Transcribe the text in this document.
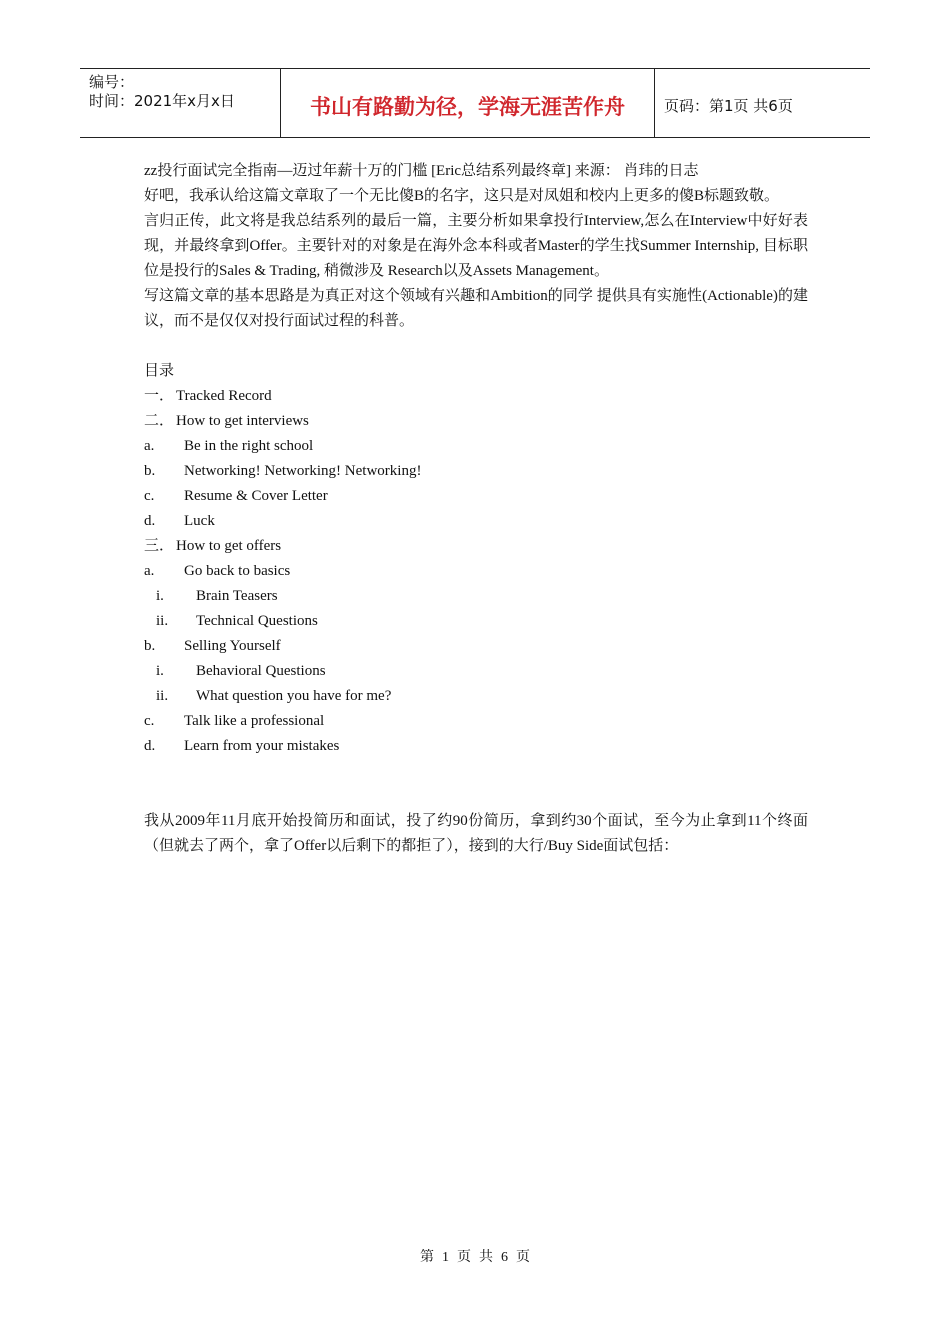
编号：
时间：2021年x月x日	书山有路勤为径，学海无涯苦作舟	页码：第1页 共6页

zz投行面试完全指南—迈过年薪十万的门槛 [Eric总结系列最终章] 来源： 肖玮的日志

好吧，我承认给这篇文章取了一个无比傻B的名字，这只是对凤姐和校内上更多的傻B标题致敬。

言归正传，此文将是我总结系列的最后一篇，主要分析如果拿投行Interview,怎么在Interview中好好表现，并最终拿到Offer。主要针对的对象是在海外念本科或者Master的学生找Summer Internship, 目标职位是投行的Sales & Trading, 稍微涉及 Research以及Assets Management。

写这篇文章的基本思路是为真正对这个领域有兴趣和Ambition的同学 提供具有实施性(Actionable)的建议，而不是仅仅对投行面试过程的科普。

目录

一． Tracked Record
二． How to get interviews
a. Be in the right school
b. Networking! Networking! Networking!
c. Resume & Cover Letter
d. Luck
三． How to get offers
a. Go back to basics
i. Brain Teasers
ii. Technical Questions
b. Selling Yourself
i. Behavioral Questions
ii. What question you have for me?
c. Talk like a professional
d. Learn from your mistakes

我从2009年11月底开始投简历和面试，投了约90份简历，拿到约30个面试，至今为止拿到11个终面（但就去了两个，拿了Offer以后剩下的都拒了），接到的大行/Buy Side面试包括：

第 1 页 共 6 页
